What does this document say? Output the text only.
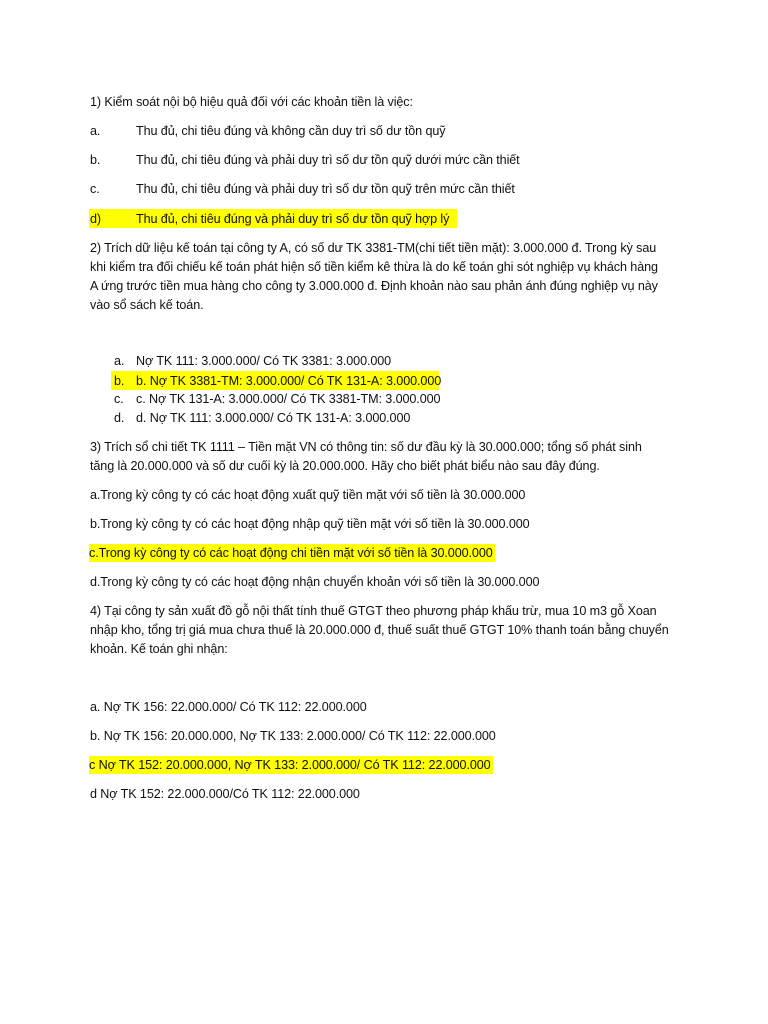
1) Kiểm soát nội bộ hiệu quả đối với các khoản tiền là việc:
a.	Thu đủ, chi tiêu đúng và không cần duy trì số dư tồn quỹ
b.	Thu đủ, chi tiêu đúng và phải duy trì số dư tồn quỹ dưới mức cần thiết
c.	Thu đủ, chi tiêu đúng và phải duy trì số dư tồn quỹ trên mức cần thiết
d)	Thu đủ, chi tiêu đúng và phải duy trì số dư tồn quỹ hợp lý
2) Trích dữ liệu kế toán tại công ty A, có số dư TK 3381-TM(chi tiết tiền mặt): 3.000.000 đ. Trong kỳ sau
khi kiểm tra đối chiếu kế toán phát hiện số tiền kiểm kê thừa là do kế toán ghi sót nghiệp vụ khách hàng
A ứng trước tiền mua hàng cho công ty 3.000.000 đ. Định khoản nào sau phản ánh đúng nghiệp vụ này
vào sổ sách kế toán.
a. Nợ TK 111: 3.000.000/ Có TK 3381: 3.000.000
b. b. Nợ TK 3381-TM: 3.000.000/ Có TK 131-A: 3.000.000
c. c. Nợ TK 131-A: 3.000.000/ Có TK 3381-TM: 3.000.000
d. d. Nợ TK 111: 3.000.000/ Có TK 131-A: 3.000.000
3) Trích sổ chi tiết TK 1111 – Tiền mặt VN có thông tin: số dư đầu kỳ là 30.000.000; tổng số phát sinh
tăng là 20.000.000 và số dư cuối kỳ là 20.000.000. Hãy cho biết phát biểu nào sau đây đúng.
a.Trong kỳ công ty có các hoạt động xuất quỹ tiền mặt với số tiền là 30.000.000
b.Trong kỳ công ty có các hoạt động nhập quỹ tiền mặt với số tiền là 30.000.000
c.Trong kỳ công ty có các hoạt động chi tiền mặt với số tiền là 30.000.000
d.Trong kỳ công ty có các hoạt động nhận chuyển khoản với số tiền là 30.000.000
4) Tại công ty sản xuất đồ gỗ nội thất tính thuế GTGT theo phương pháp khấu trừ, mua 10 m3 gỗ Xoan
nhập kho, tổng trị giá mua chưa thuế là 20.000.000 đ, thuế suất thuế GTGT 10% thanh toán bằng chuyển
khoản. Kế toán ghi nhận:
a. Nợ TK 156: 22.000.000/ Có TK 112: 22.000.000
b. Nợ TK 156: 20.000.000, Nợ TK 133: 2.000.000/ Có TK 112: 22.000.000
c Nợ TK 152: 20.000.000, Nợ TK 133: 2.000.000/ Có TK 112: 22.000.000
d Nợ TK 152: 22.000.000/Có TK 112: 22.000.000
